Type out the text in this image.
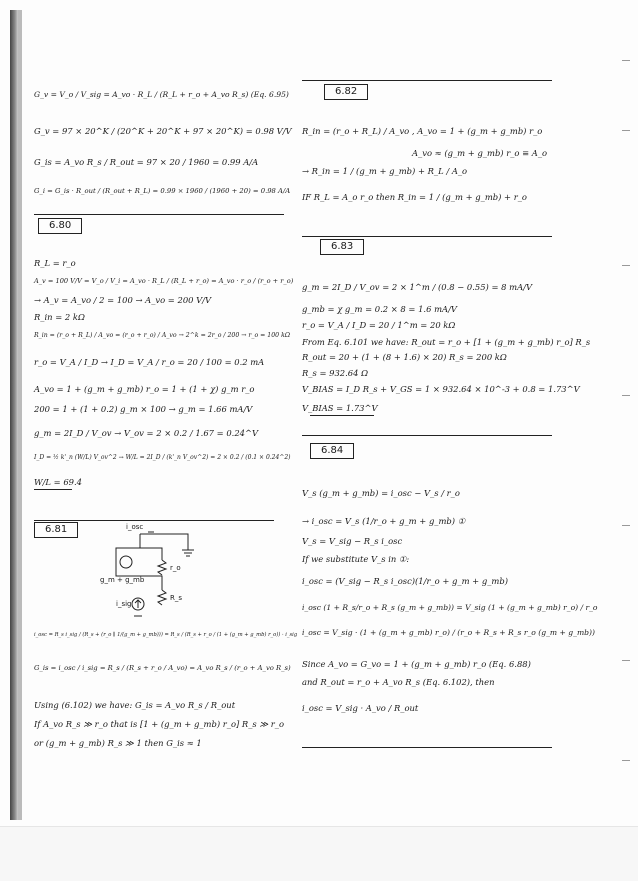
G_v = V_o / V_sig = A_vo · R_L / (R_L + r_o + A_vo R_s) (Eq. 6.95)
G_v = 97 × 20^K / (20^K + 20^K + 97 × 20^K) = 0.98 V/V
G_is = A_vo R_s / R_out = 97 × 20 / 1960 = 0.99 A/A
G_i = G_is · R_out / (R_out + R_L) = 0.99 × 1960 / (1960 + 20) = 0.98 A/A
6.80
R_L = r_o
A_v = 100 V/V = V_o / V_i = A_vo · R_L / (R_L + r_o) = A_vo · r_o / (r_o + r_o)
→ A_v = A_vo / 2 = 100 → A_vo = 200 V/V
R_in = 2 kΩ
R_in = (r_o + R_L) / A_vo = (r_o + r_o) / A_vo → 2^k = 2r_o / 200 → r_o = 100 kΩ
r_o = V_A / I_D → I_D = V_A / r_o = 20 / 100 = 0.2 mA
A_vo = 1 + (g_m + g_mb) r_o = 1 + (1 + χ) g_m r_o
200 = 1 + (1 + 0.2) g_m × 100 → g_m = 1.66 mA/V
g_m = 2I_D / V_ov → V_ov = 2 × 0.2 / 1.67 = 0.24^V
I_D = ½ k'_n (W/L) V_ov^2 → W/L = 2I_D / (k'_n V_ov^2) = 2 × 0.2 / (0.1 × 0.24^2)
W/L = 69.4
6.81	i_osc
r_o
g_m + g_mb
R_s
i_sig
i_osc = R_s i_sig / (R_s + (r_o ∥ 1/(g_m + g_mb))) = R_s / (R_s + r_o / (1 + (g_m + g_mb) r_o)) · i_sig
G_is = i_osc / i_sig = R_s / (R_s + r_o / A_vo) = A_vo R_s / (r_o + A_vo R_s)
Using (6.102) we have: G_is = A_vo R_s / R_out
If A_vo R_s ≫ r_o that is [1 + (g_m + g_mb) r_o] R_s ≫ r_o
or (g_m + g_mb) R_s ≫ 1 then G_is ≈ 1
6.82
R_in = (r_o + R_L) / A_vo , A_vo = 1 + (g_m + g_mb) r_o
A_vo ≈ (g_m + g_mb) r_o ≡ A_o
→ R_in = 1 / (g_m + g_mb) + R_L / A_o
IF R_L = A_o r_o then R_in = 1 / (g_m + g_mb) + r_o
6.83
g_m = 2I_D / V_ov = 2 × 1^m / (0.8 − 0.55) = 8 mA/V
g_mb = χ g_m = 0.2 × 8 = 1.6 mA/V
r_o = V_A / I_D = 20 / 1^m = 20 kΩ
From Eq. 6.101 we have: R_out = r_o + [1 + (g_m + g_mb) r_o] R_s
R_out = 20 + (1 + (8 + 1.6) × 20) R_s = 200 kΩ
R_s = 932.64 Ω
V_BIAS = I_D R_s + V_GS = 1 × 932.64 × 10^-3 + 0.8 = 1.73^V
V_BIAS = 1.73^V
6.84
V_s (g_m + g_mb) = i_osc − V_s / r_o
→ i_osc = V_s (1/r_o + g_m + g_mb) ①
V_s = V_sig − R_s i_osc
If we substitute V_s in ①:
i_osc = (V_sig − R_s i_osc)(1/r_o + g_m + g_mb)
i_osc (1 + R_s/r_o + R_s (g_m + g_mb)) = V_sig (1 + (g_m + g_mb) r_o) / r_o
i_osc = V_sig · (1 + (g_m + g_mb) r_o) / (r_o + R_s + R_s r_o (g_m + g_mb))
Since A_vo = G_vo = 1 + (g_m + g_mb) r_o (Eq. 6.88)
and R_out = r_o + A_vo R_s (Eq. 6.102), then
i_osc = V_sig · A_vo / R_out
